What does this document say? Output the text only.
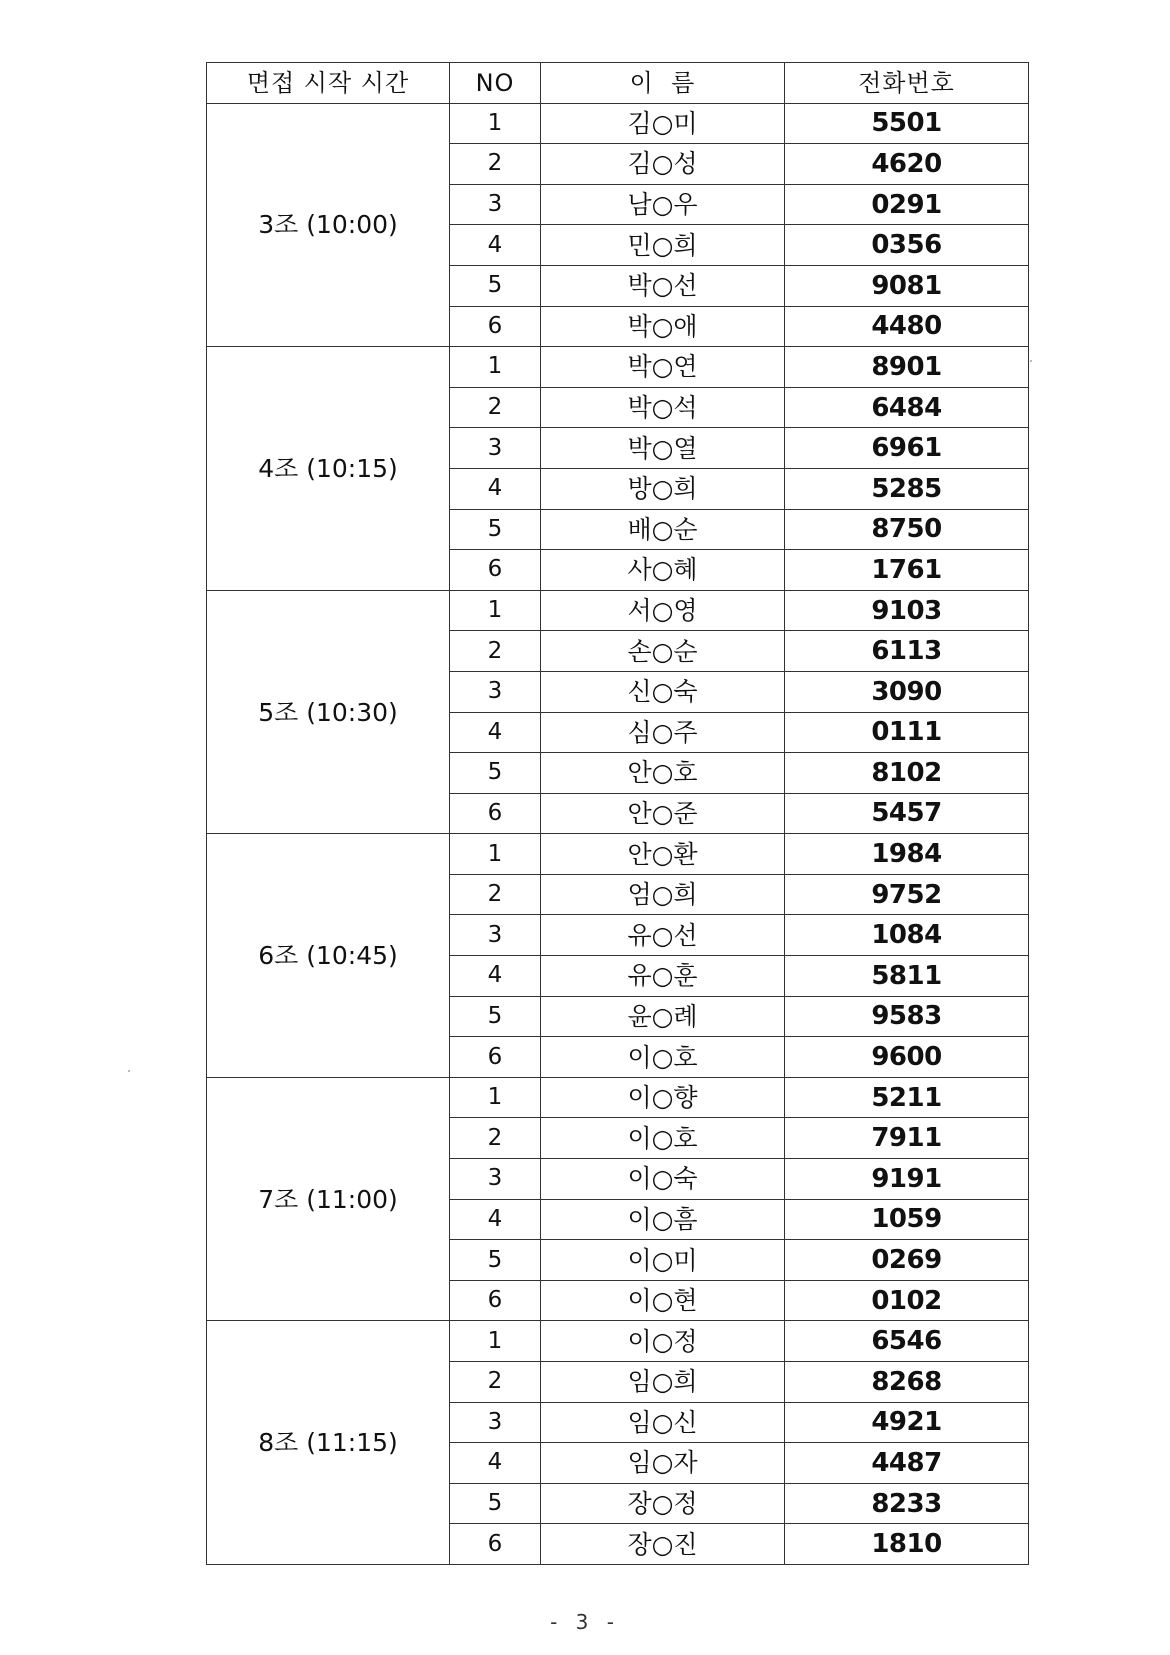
면접 시작 시간	NO	이  름	전화번호
3조 (10:00)	1	김○미	5501
	2	김○성	4620
	3	남○우	0291
	4	민○희	0356
	5	박○선	9081
	6	박○애	4480
4조 (10:15)	1	박○연	8901
	2	박○석	6484
	3	박○열	6961
	4	방○희	5285
	5	배○순	8750
	6	사○혜	1761
5조 (10:30)	1	서○영	9103
	2	손○순	6113
	3	신○숙	3090
	4	심○주	0111
	5	안○호	8102
	6	안○준	5457
6조 (10:45)	1	안○환	1984
	2	엄○희	9752
	3	유○선	1084
	4	유○훈	5811
	5	윤○례	9583
	6	이○호	9600
7조 (11:00)	1	이○향	5211
	2	이○호	7911
	3	이○숙	9191
	4	이○흠	1059
	5	이○미	0269
	6	이○현	0102
8조 (11:15)	1	이○정	6546
	2	임○희	8268
	3	임○신	4921
	4	임○자	4487
	5	장○정	8233
	6	장○진	1810
- 3 -
